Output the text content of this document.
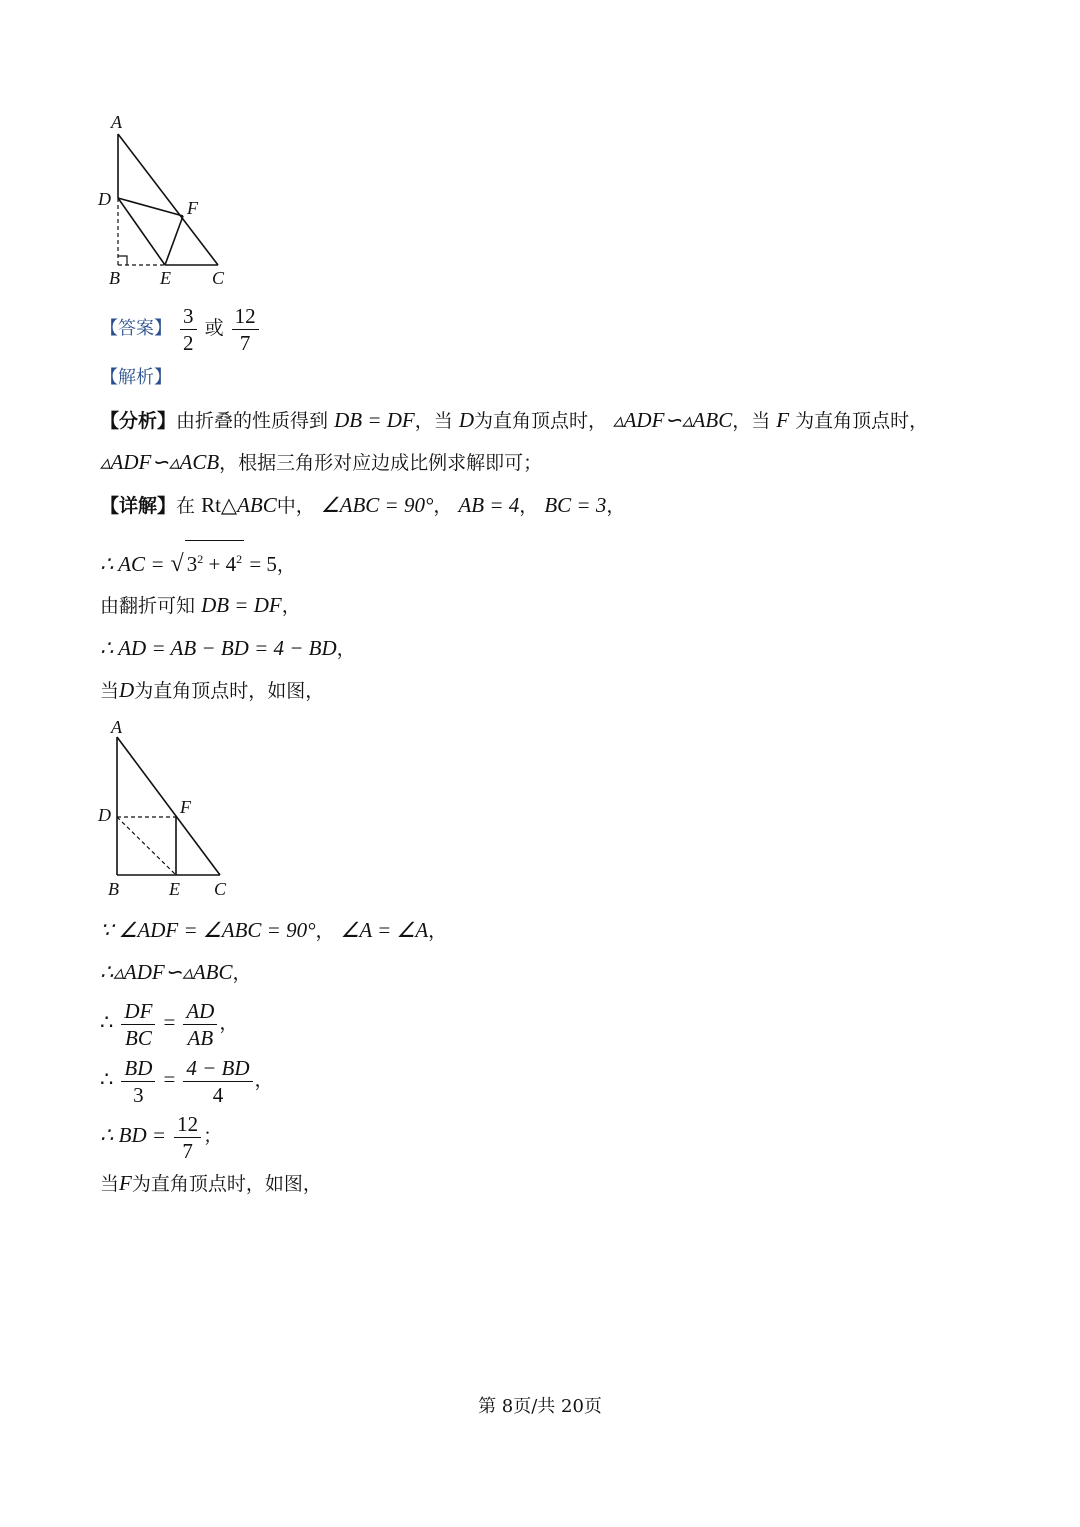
A
D	F
B E C
【答案】 $\frac{3}{2}$ 或 $\frac{12}{7}$
【解析】
【分析】由折叠的性质得到 DB = DF，当 D为直角顶点时， ▵ADF∽▵ABC，当 F 为直角顶点时，
▵ADF∽▵ACB，根据三角形对应边成比例求解即可；
【详解】在 Rt△ABC中， ∠ABC = 90°， AB = 4， BC = 3，
∴ AC = √ $3^2 + 4^2 = 5$，
由翻折可知 DB = DF，
∴ AD = AB − BD = 4 − BD，
当D为直角顶点时，如图，
A
D	F
B	E C
∵ ∠ADF = ∠ABC = 90°， ∠A = ∠A，
∴▵ADF∽▵ABC，
∴ $\frac{DF}{BC} = \frac{AD}{AB}$ ，
∴ $\frac{BD}{3} = \frac{4 - BD}{4}$ ，
∴ BD = $\frac{12}{7}$ ；
当F为直角顶点时，如图，
第 8页/共 20页
